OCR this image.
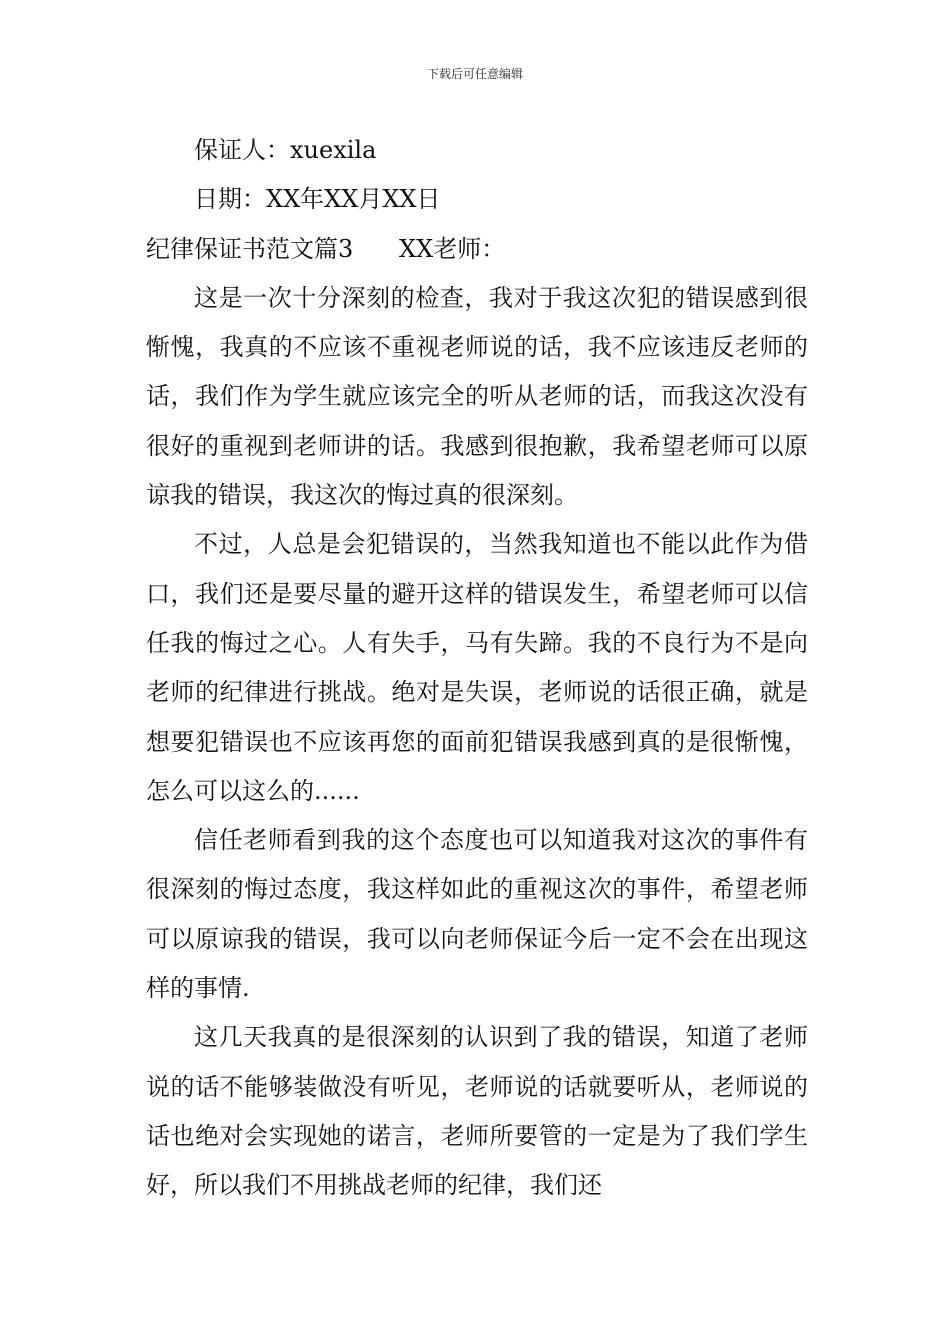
下载后可任意编辑

保证人：xuexila

日期：XX年XX月XX日

纪律保证书范文篇3      XX老师：

这是一次十分深刻的检查，我对于我这次犯的错误感到很惭愧，我真的不应该不重视老师说的话，我不应该违反老师的话，我们作为学生就应该完全的听从老师的话，而我这次没有很好的重视到老师讲的话。我感到很抱歉，我希望老师可以原谅我的错误，我这次的悔过真的很深刻。

不过，人总是会犯错误的，当然我知道也不能以此作为借口，我们还是要尽量的避开这样的错误发生，希望老师可以信任我的悔过之心。人有失手，马有失蹄。我的不良行为不是向老师的纪律进行挑战。绝对是失误，老师说的话很正确，就是想要犯错误也不应该再您的面前犯错误我感到真的是很惭愧，怎么可以这么的......

信任老师看到我的这个态度也可以知道我对这次的事件有很深刻的悔过态度，我这样如此的重视这次的事件，希望老师可以原谅我的错误，我可以向老师保证今后一定不会在出现这样的事情.

这几天我真的是很深刻的认识到了我的错误，知道了老师说的话不能够装做没有听见，老师说的话就要听从，老师说的话也绝对会实现她的诺言，老师所要管的一定是为了我们学生好，所以我们不用挑战老师的纪律，我们还
